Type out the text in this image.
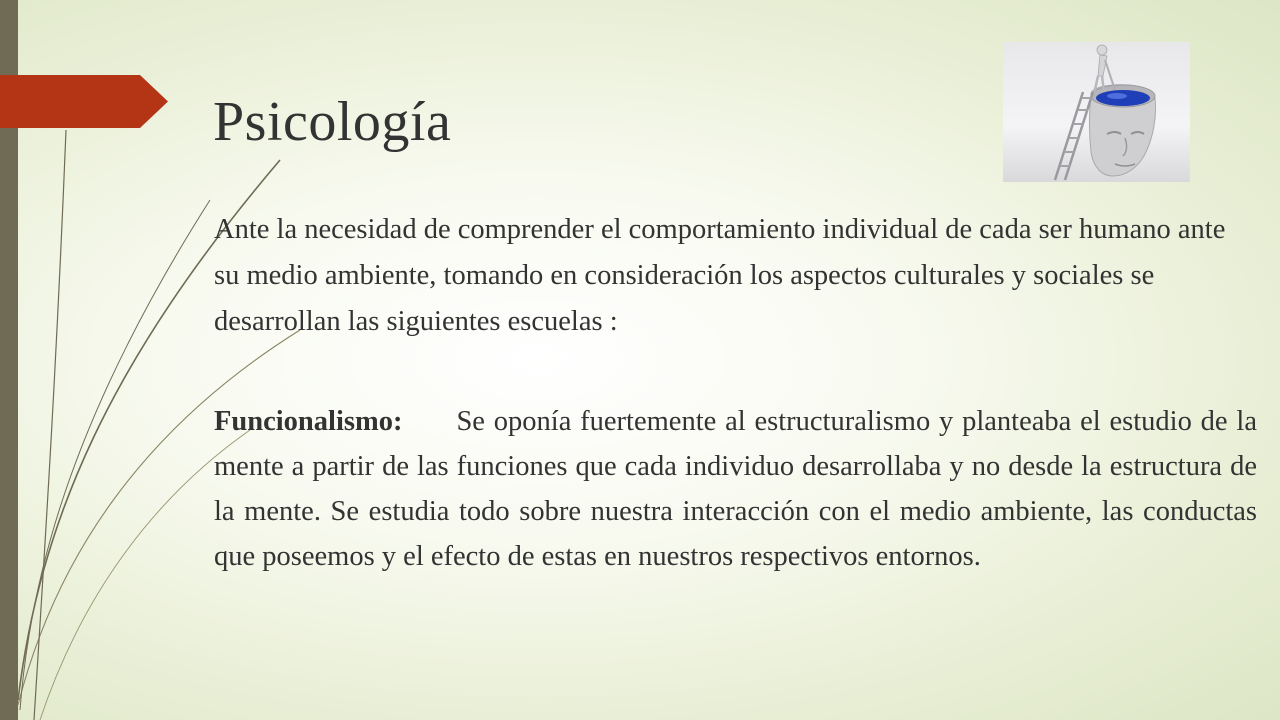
Psicología

Ante la necesidad de comprender el comportamiento individual de cada ser humano ante su medio ambiente, tomando en consideración los aspectos culturales y sociales se desarrollan las siguientes escuelas :

Funcionalismo: Se oponía fuertemente al estructuralismo y planteaba el estudio de la mente a partir de las funciones que cada individuo desarrollaba y no desde la estructura de la mente. Se estudia todo sobre nuestra interacción con el medio ambiente, las conductas que poseemos y el efecto de estas en nuestros respectivos entornos.
